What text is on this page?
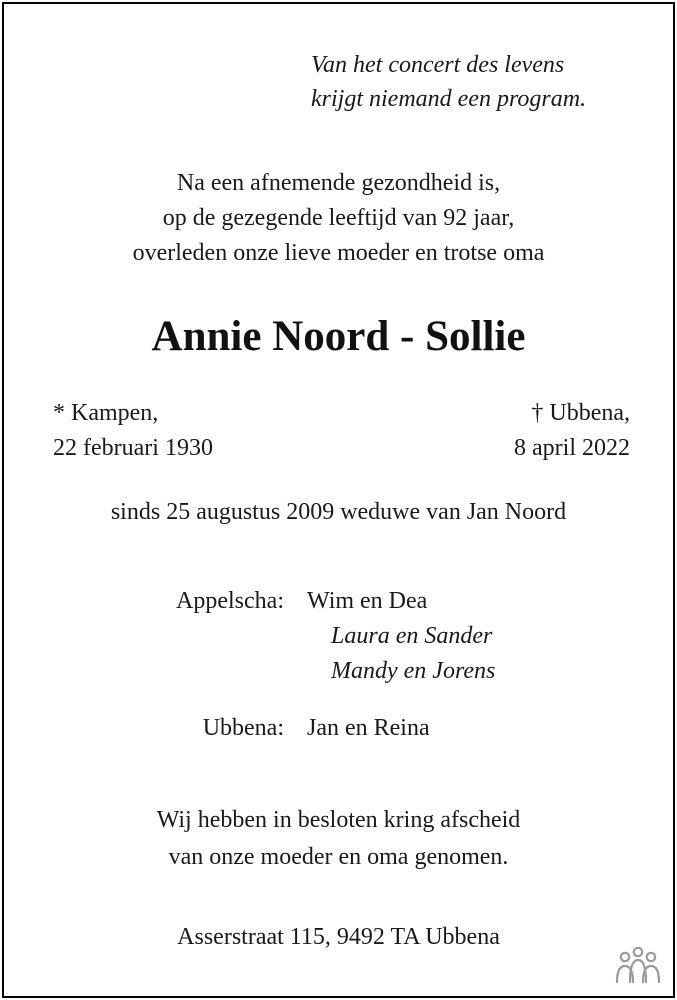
Van het concert des levens
krijgt niemand een program.
Na een afnemende gezondheid is,
op de gezegende leeftijd van 92 jaar,
overleden onze lieve moeder en trotse oma
Annie Noord - Sollie
* Kampen,
22 februari 1930
† Ubbena,
8 april 2022
sinds 25 augustus 2009 weduwe van Jan Noord
Appelscha: Wim en Dea
Laura en Sander
Mandy en Jorens
Ubbena: Jan en Reina
Wij hebben in besloten kring afscheid
van onze moeder en oma genomen.
Asserstraat 115, 9492 TA Ubbena
